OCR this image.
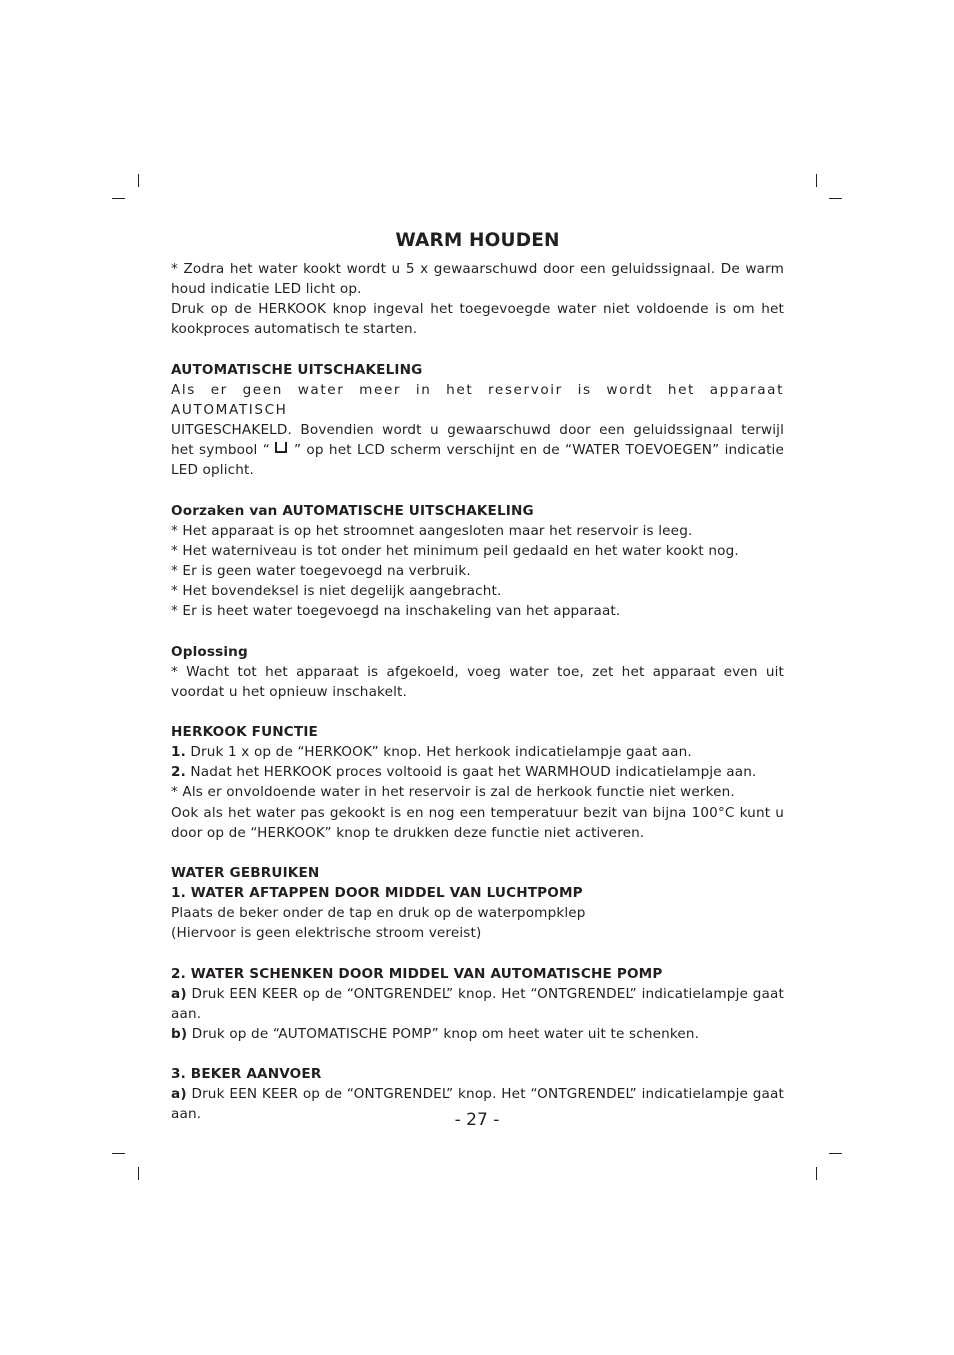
WARM HOUDEN

* Zodra het water kookt wordt u 5 x gewaarschuwd door een geluidssignaal. De warm houd indicatie LED licht op.

Druk op de HERKOOK knop ingeval het toegevoegde water niet voldoende is om het kookproces automatisch te starten.

AUTOMATISCHE UITSCHAKELING

Als er geen water meer in het reservoir is wordt het apparaat AUTOMATISCH

UITGESCHAKELD. Bovendien wordt u gewaarschuwd door een geluidssignaal terwijl

het symbool “ ” op het LCD scherm verschijnt en de “WATER TOEVOEGEN” indicatie

LED oplicht.

Oorzaken van AUTOMATISCHE UITSCHAKELING

* Het apparaat is op het stroomnet aangesloten maar het reservoir is leeg.

* Het waterniveau is tot onder het minimum peil gedaald en het water kookt nog.

* Er is geen water toegevoegd na verbruik.

* Het bovendeksel is niet degelijk aangebracht.

* Er is heet water toegevoegd na inschakeling van het apparaat.

Oplossing

* Wacht tot het apparaat is afgekoeld, voeg water toe, zet het apparaat even uit voordat u het opnieuw inschakelt.

HERKOOK FUNCTIE

1. Druk 1 x op de “HERKOOK” knop. Het herkook indicatielampje gaat aan.

2. Nadat het HERKOOK proces voltooid is gaat het WARMHOUD indicatielampje aan.

* Als er onvoldoende water in het reservoir is zal de herkook functie niet werken.

Ook als het water pas gekookt is en nog een temperatuur bezit van bijna 100°C kunt u door op de “HERKOOK” knop te drukken deze functie niet activeren.

WATER GEBRUIKEN

1. WATER AFTAPPEN DOOR MIDDEL VAN LUCHTPOMP

Plaats de beker onder de tap en druk op de waterpompklep

(Hiervoor is geen elektrische stroom vereist)

2. WATER SCHENKEN DOOR MIDDEL VAN AUTOMATISCHE POMP

a) Druk EEN KEER op de “ONTGRENDEL” knop. Het “ONTGRENDEL” indicatielampje gaat aan.

b) Druk op de “AUTOMATISCHE POMP” knop om heet water uit te schenken.

3. BEKER AANVOER

a) Druk EEN KEER op de “ONTGRENDEL” knop. Het “ONTGRENDEL” indicatielampje gaat aan.	- 27 -
